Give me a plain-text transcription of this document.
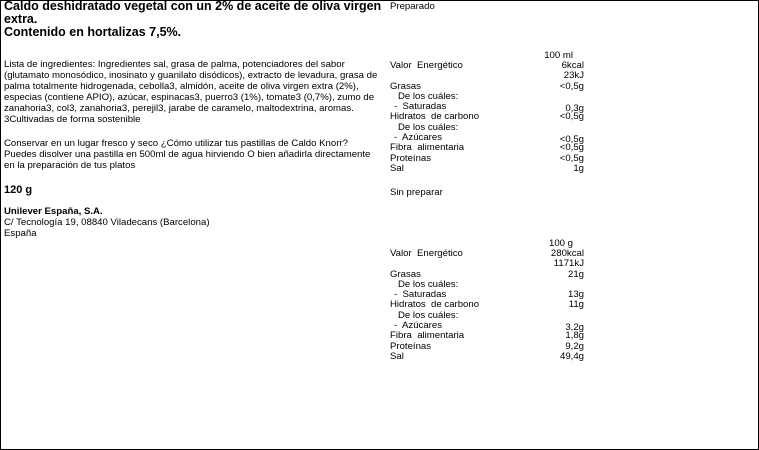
Caldo deshidratado vegetal con un 2% de aceite de oliva virgen extra.

Contenido en hortalizas 7,5%.

Lista de ingredientes: Ingredientes sal, grasa de palma, potenciadores del sabor (glutamato monosódico, inosinato y guanilato disódicos), extracto de levadura, grasa de palma totalmente hidrogenada, cebolla3, almidón, aceite de oliva virgen extra (2%), especias (contiene APIO), azúcar, espinacas3, puerro3 (1%), tomate3 (0,7%), zumo de zanahoria3, col3, zanahoria3, perejil3, jarabe de caramelo, maltodextrina, aromas. 3Cultivadas de forma sostenible

Conservar en un lugar fresco y seco ¿Cómo utilizar tus pastillas de Caldo Knorr? Puedes disolver una pastilla en 500ml de agua hirviendo O bien añadirla directamente en la preparación de tus platos

120 g
Unilever España, S.A.
C/ Tecnología 19, 08840 Viladecans (Barcelona)
España
Preparado
100 ml
Valor  Energético	6kcal
23kJ
Grasas	<0,5g
De los cuáles:
-  Saturadas	0,3g
Hidratos  de carbono	<0,5g
De los cuáles:
-  Azúcares	<0,5g
Fibra  alimentaria	<0,5g
Proteínas	<0,5g
Sal	1g
Sin preparar
100 g
Valor  Energético	280kcal
1171kJ
Grasas	21g
De los cuáles:
-  Saturadas	13g
Hidratos  de carbono	11g
De los cuáles:
-  Azúcares	3,2g
Fibra  alimentaria	1,8g
Proteínas	9,2g
Sal	49,4g
